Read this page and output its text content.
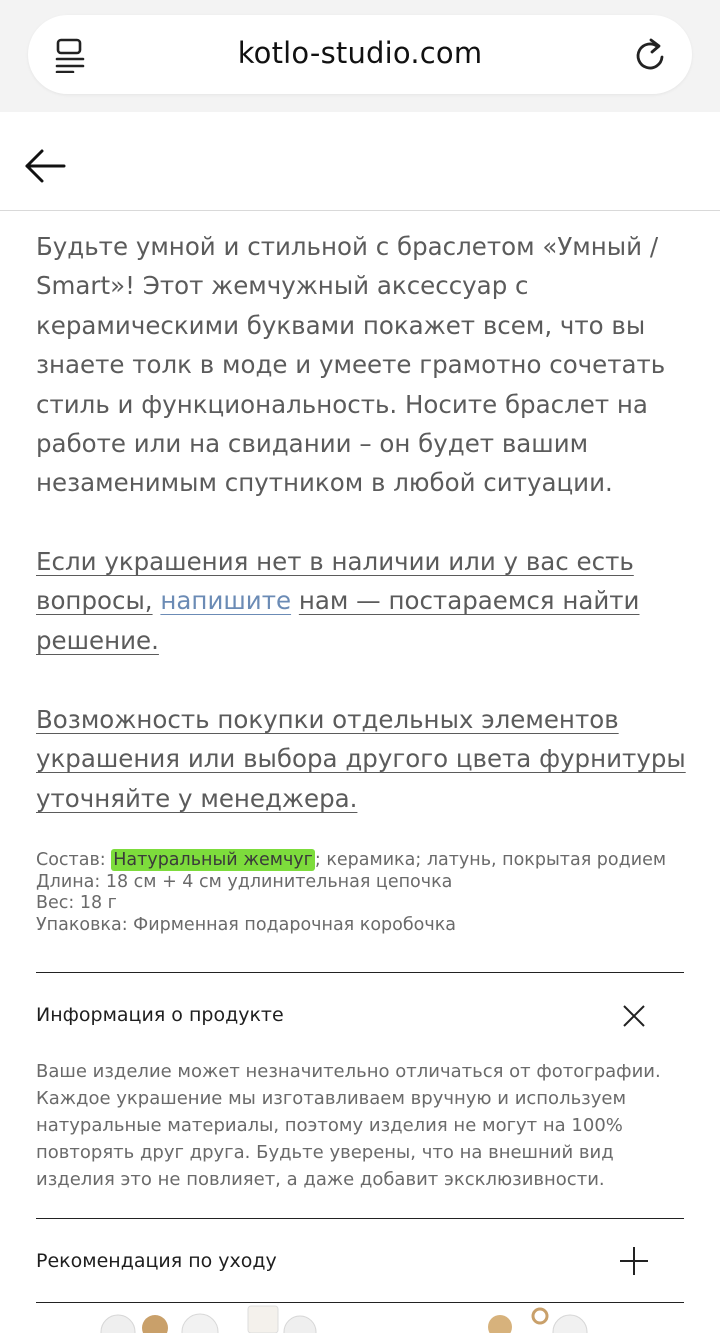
kotlo-studio.com
Будьте умной и стильной с браслетом «Умный / Smart»! Этот жемчужный аксессуар с керамическими буквами покажет всем, что вы знаете толк в моде и умеете грамотно сочетать стиль и функциональность. Носите браслет на работе или на свидании – он будет вашим незаменимым спутником в любой ситуации.
Если украшения нет в наличии или у вас есть вопросы, напишите нам — постараемся найти решение.
Возможность покупки отдельных элементов украшения или выбора другого цвета фурнитуры уточняйте у менеджера.
Состав: Натуральный жемчуг ; керамика; латунь, покрытая родием
Длина: 18 см + 4 см удлинительная цепочка
Вес: 18 г
Упаковка: Фирменная подарочная коробочка
Информация о продукте
Ваше изделие может незначительно отличаться от фотографии. Каждое украшение мы изготавливаем вручную и используем натуральные материалы, поэтому изделия не могут на 100% повторять друг друга. Будьте уверены, что на внешний вид изделия это не повлияет, а даже добавит эксклюзивности.
Рекомендация по уходу
